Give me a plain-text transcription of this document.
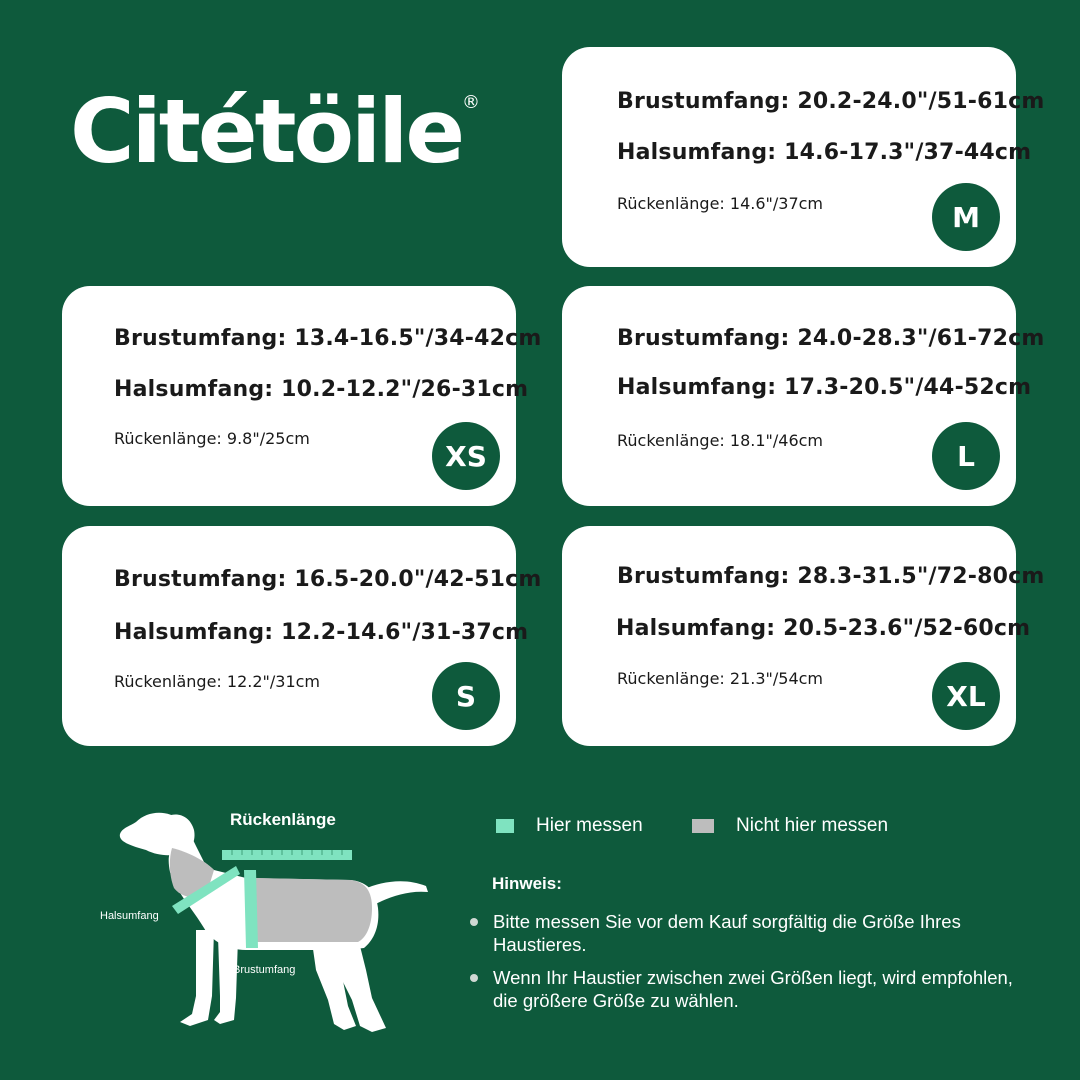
Citétöile®	Brustumfang: 20.2-24.0"/51-61cm
Halsumfang: 14.6-17.3"/37-44cm
Rückenlänge: 14.6"/37cm	M
Brustumfang: 13.4-16.5"/34-42cm
Halsumfang: 10.2-12.2"/26-31cm
Rückenlänge: 9.8"/25cm
XS
Brustumfang: 24.0-28.3"/61-72cm
Halsumfang: 17.3-20.5"/44-52cm
Rückenlänge: 18.1"/46cm	L
Brustumfang: 16.5-20.0"/42-51cm
Halsumfang: 12.2-14.6"/31-37cm
Rückenlänge: 12.2"/31cm	S
Brustumfang: 28.3-31.5"/72-80cm
Halsumfang: 20.5-23.6"/52-60cm
Rückenlänge: 21.3"/54cm
XL
Rückenlänge
Halsumfang
Brustumfang
Hier messen	Nicht hier messen
Hinweis:
Bitte messen Sie vor dem Kauf sorgfältig die Größe Ihres Haustieres.
Wenn Ihr Haustier zwischen zwei Größen liegt, wird empfohlen, die größere Größe zu wählen.
